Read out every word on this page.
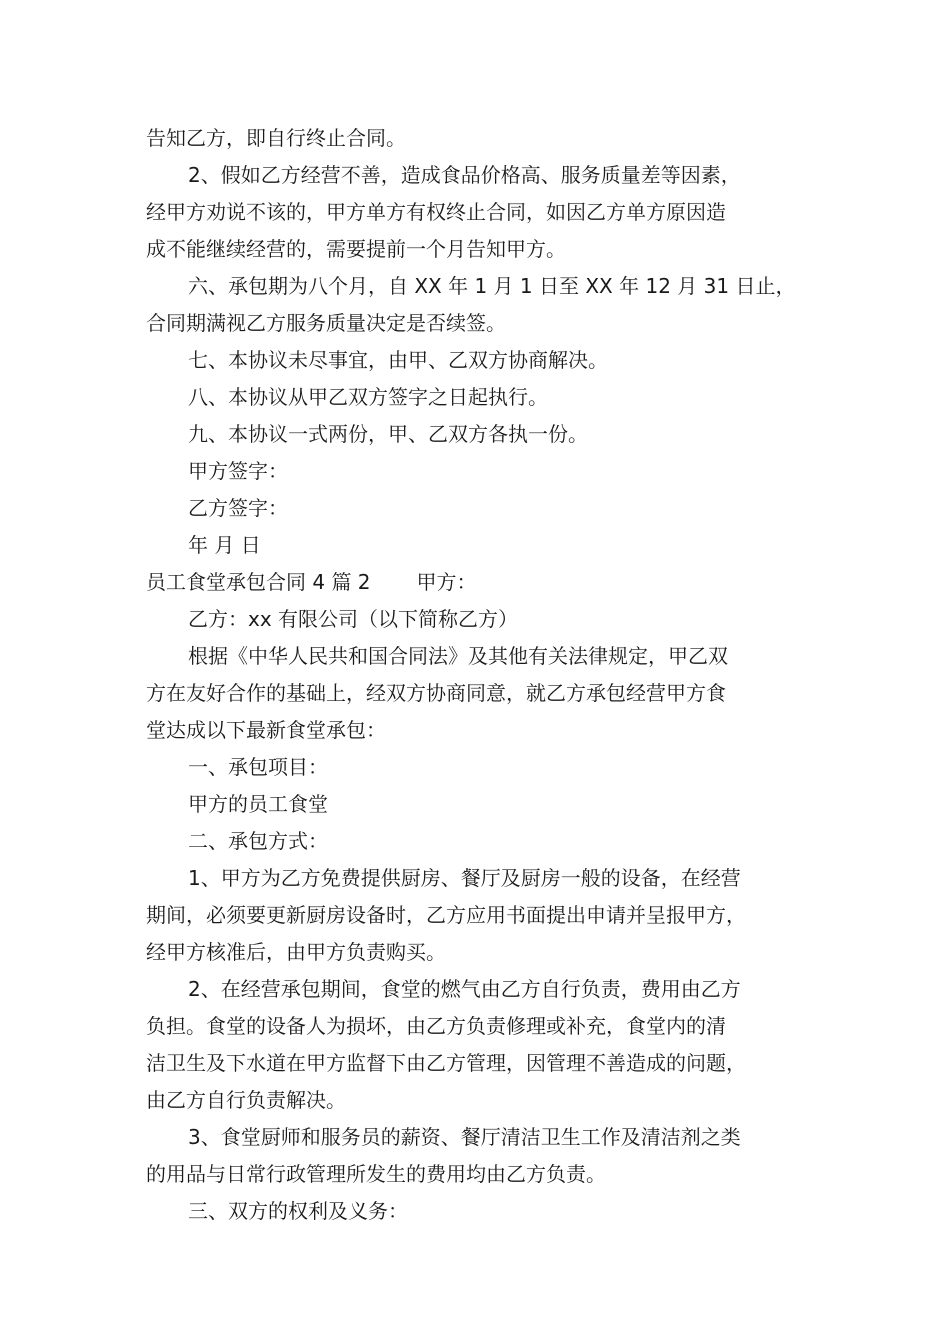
告知乙方，即自行终止合同。
2、假如乙方经营不善，造成食品价格高、服务质量差等因素，
经甲方劝说不该的，甲方单方有权终止合同，如因乙方单方原因造
成不能继续经营的，需要提前一个月告知甲方。
六、承包期为八个月，自 XX 年 1 月 1 日至 XX 年 12 月 31 日止，
合同期满视乙方服务质量决定是否续签。
七、本协议未尽事宜，由甲、乙双方协商解决。
八、本协议从甲乙双方签字之日起执行。
九、本协议一式两份，甲、乙双方各执一份。
甲方签字：
乙方签字：
年 月 日
员工食堂承包合同 4 篇 2 甲方：
乙方：xx 有限公司（以下简称乙方）
根据《中华人民共和国合同法》及其他有关法律规定，甲乙双
方在友好合作的基础上，经双方协商同意，就乙方承包经营甲方食
堂达成以下最新食堂承包：
一、承包项目：
甲方的员工食堂
二、承包方式：
1、甲方为乙方免费提供厨房、餐厅及厨房一般的设备，在经营
期间，必须要更新厨房设备时，乙方应用书面提出申请并呈报甲方，
经甲方核准后，由甲方负责购买。
2、在经营承包期间，食堂的燃气由乙方自行负责，费用由乙方
负担。食堂的设备人为损坏，由乙方负责修理或补充，食堂内的清
洁卫生及下水道在甲方监督下由乙方管理，因管理不善造成的问题，
由乙方自行负责解决。
3、食堂厨师和服务员的薪资、餐厅清洁卫生工作及清洁剂之类
的用品与日常行政管理所发生的费用均由乙方负责。
三、双方的权利及义务：
